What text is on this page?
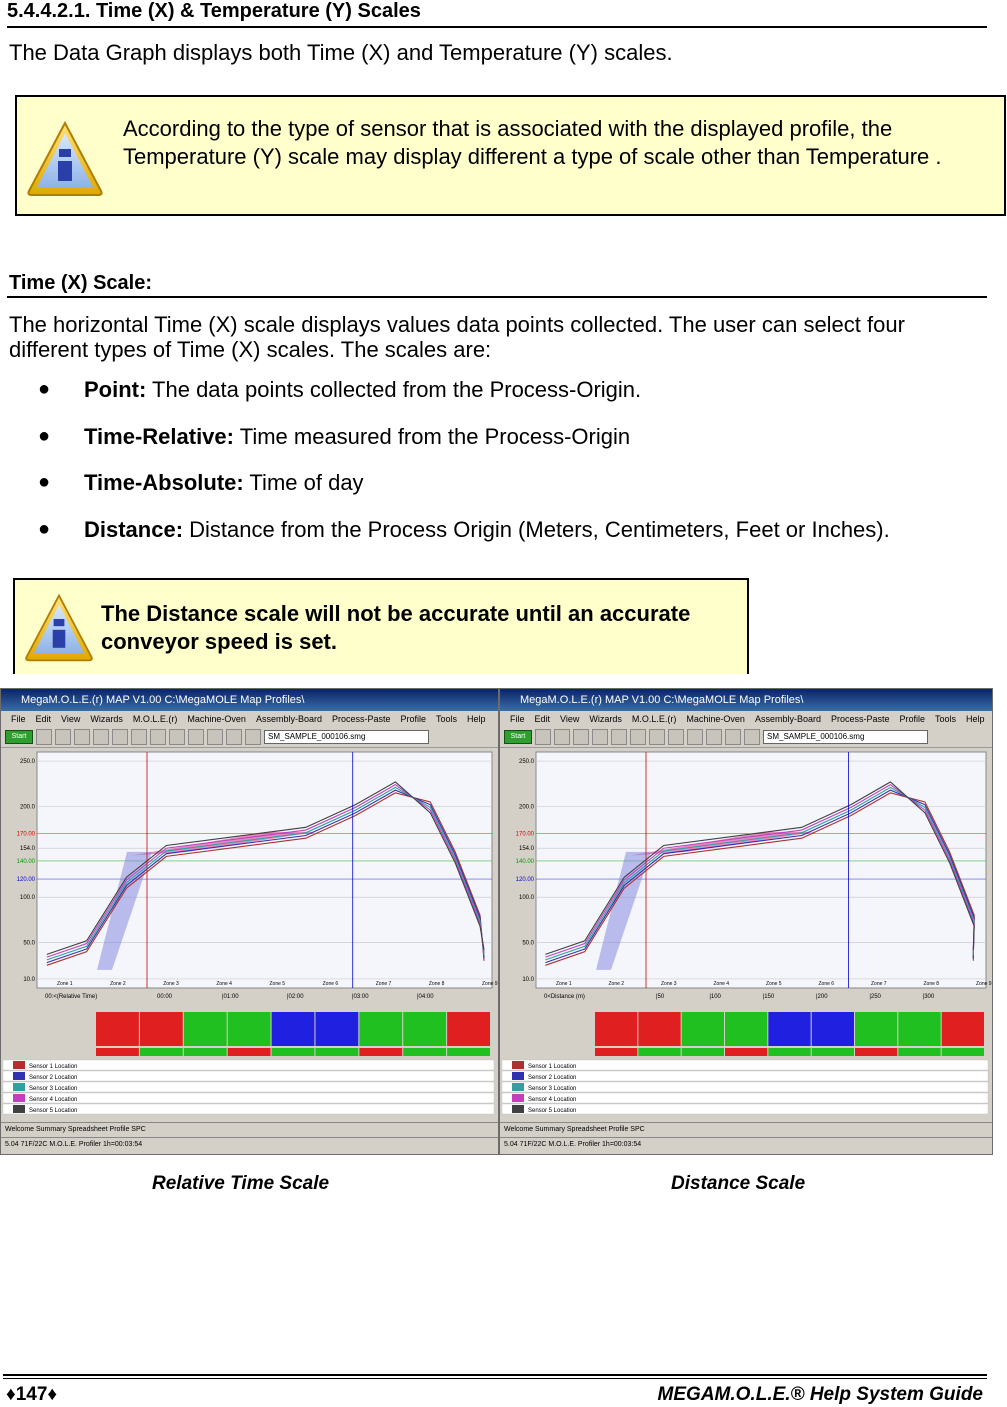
5.4.4.2.1. Time (X) & Temperature (Y) Scales
The Data Graph displays both Time (X) and Temperature (Y) scales.
According to the type of sensor that is associated with the displayed profile, the Temperature (Y) scale may display different a type of scale other than Temperature .
Time (X) Scale:
The horizontal Time (X) scale displays values data points collected. The user can select four different types of Time (X) scales. The scales are:
●	Point: The data points collected from the Process-Origin.
●	Time-Relative: Time measured from the Process-Origin
●	Time-Absolute: Time of day
●	Distance: Distance from the Process Origin (Meters, Centimeters, Feet or Inches).
The Distance scale will not be accurate until an accurate conveyor speed is set.
MegaM.O.L.E.(r) MAP V1.00 C:\MegaMOLE Map Profiles\
File Edit View Wizards M.O.L.E.(r) Machine-Oven Assembly-Board Process-Paste Profile Tools Help
Start	SM_SAMPLE_000106.smg
250.0
200.0
170.00
154.0
140.00
120.00
100.0
50.0
10.0
Zone 1	Zone 2	Zone 3	Zone 4	Zone 5	Zone 6	Zone 7	Zone 8	Zone 9
00:<(Relative Time)	00:00	|01:00	|02:00	|03:00	|04:00
Sensor 1 Location
Sensor 2 Location
Sensor 3 Location
Sensor 4 Location
Sensor 5 Location
Welcome Summary Spreadsheet Profile SPC
5.04 71F/22C M.O.L.E. Profiler 1h=00:03:54
MegaM.O.L.E.(r) MAP V1.00 C:\MegaMOLE Map Profiles\
File Edit View Wizards M.O.L.E.(r) Machine-Oven Assembly-Board Process-Paste Profile Tools Help
Start	SM_SAMPLE_000106.smg
250.0
200.0
170.00
154.0
140.00
120.00
100.0
50.0
10.0
Zone 1	Zone 2	Zone 3	Zone 4	Zone 5	Zone 6	Zone 7	Zone 8	Zone 9
0<Distance (m)	|50	|100	|150	|200	|250	|300
Sensor 1 Location
Sensor 2 Location
Sensor 3 Location
Sensor 4 Location
Sensor 5 Location
Welcome Summary Spreadsheet Profile SPC
5.04 71F/22C M.O.L.E. Profiler 1h=00:03:54
Relative Time Scale	Distance Scale
♦147♦	MEGAM.O.L.E.® Help System Guide
